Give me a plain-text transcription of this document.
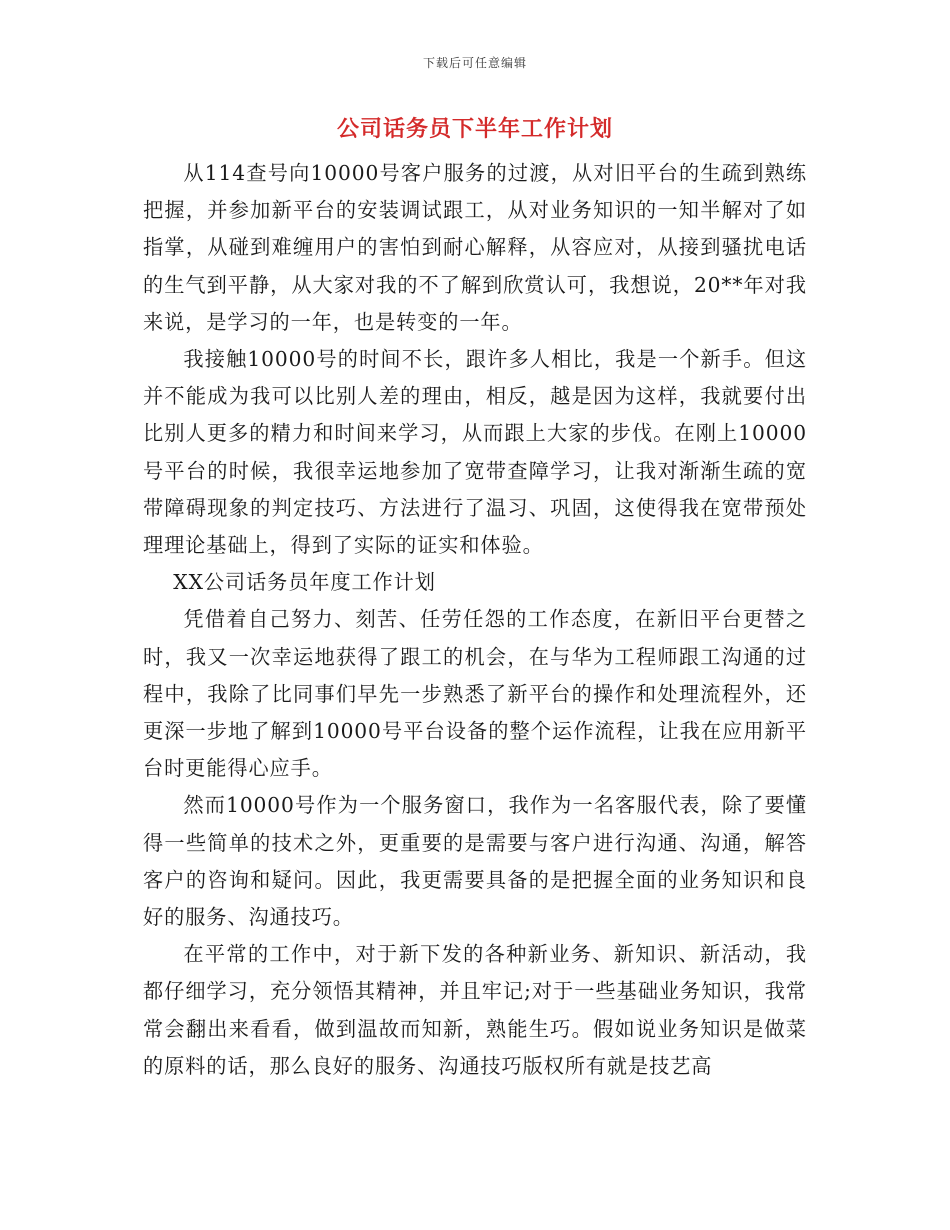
下载后可任意编辑
公司话务员下半年工作计划

从114查号向10000号客户服务的过渡，从对旧平台的生疏到熟练把握，并参加新平台的安装调试跟工，从对业务知识的一知半解对了如指掌，从碰到难缠用户的害怕到耐心解释，从容应对，从接到骚扰电话的生气到平静，从大家对我的不了解到欣赏认可，我想说，20**年对我来说，是学习的一年，也是转变的一年。

我接触10000号的时间不长，跟许多人相比，我是一个新手。但这并不能成为我可以比别人差的理由，相反，越是因为这样，我就要付出比别人更多的精力和时间来学习，从而跟上大家的步伐。在刚上10000号平台的时候，我很幸运地参加了宽带查障学习，让我对渐渐生疏的宽带障碍现象的判定技巧、方法进行了温习、巩固，这使得我在宽带预处理理论基础上，得到了实际的证实和体验。

XX公司话务员年度工作计划

凭借着自己努力、刻苦、任劳任怨的工作态度，在新旧平台更替之时，我又一次幸运地获得了跟工的机会，在与华为工程师跟工沟通的过程中，我除了比同事们早先一步熟悉了新平台的操作和处理流程外，还更深一步地了解到10000号平台设备的整个运作流程，让我在应用新平台时更能得心应手。

然而10000号作为一个服务窗口，我作为一名客服代表，除了要懂得一些简单的技术之外，更重要的是需要与客户进行沟通、沟通，解答客户的咨询和疑问。因此，我更需要具备的是把握全面的业务知识和良好的服务、沟通技巧。

在平常的工作中，对于新下发的各种新业务、新知识、新活动，我都仔细学习，充分领悟其精神，并且牢记;对于一些基础业务知识，我常常会翻出来看看，做到温故而知新，熟能生巧。假如说业务知识是做菜的原料的话，那么良好的服务、沟通技巧版权所有就是技艺高
